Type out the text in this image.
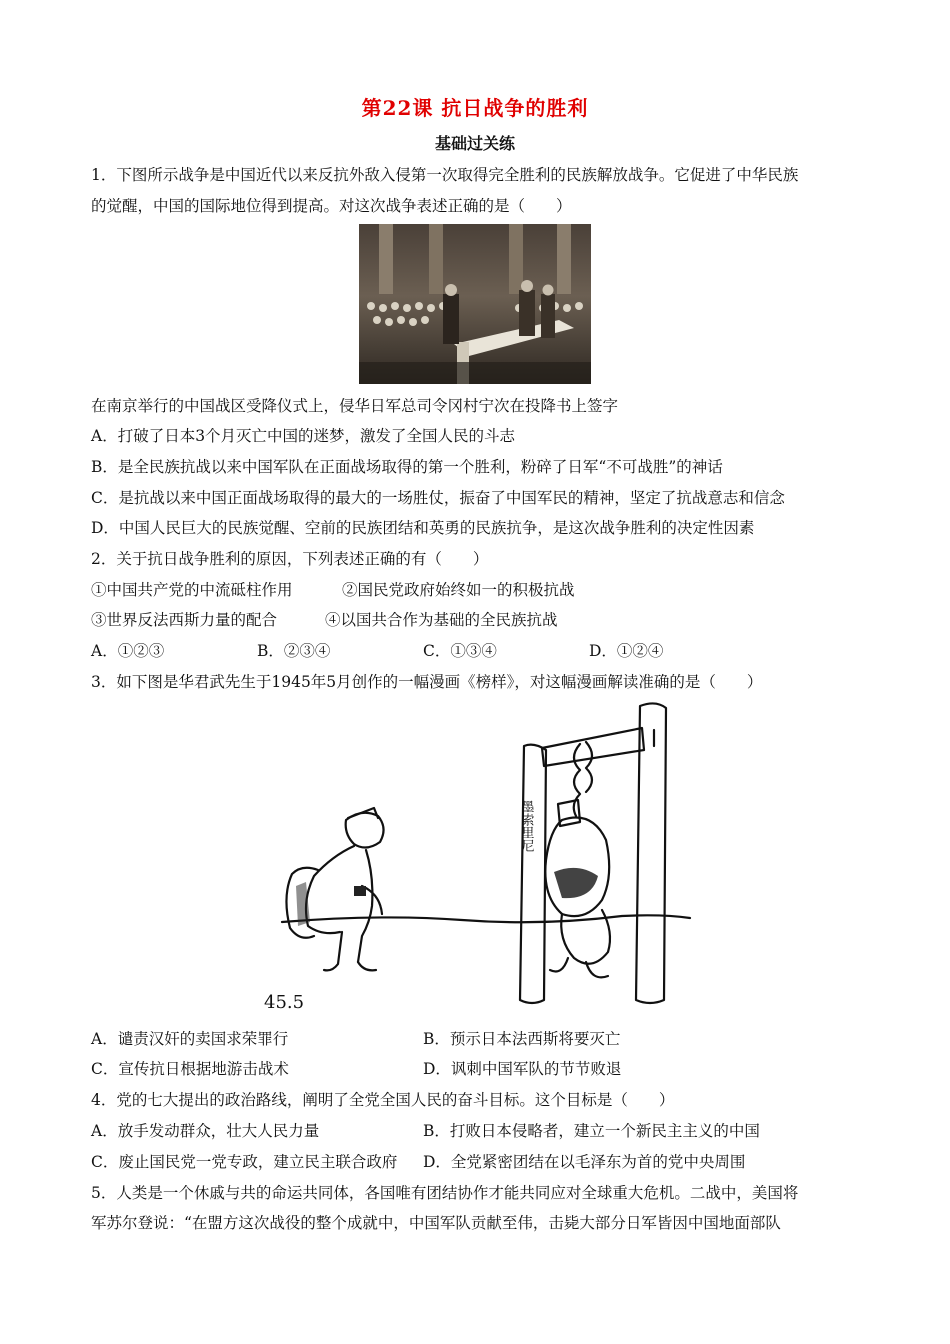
第22课 抗日战争的胜利
基础过关练
1．下图所示战争是中国近代以来反抗外敌入侵第一次取得完全胜利的民族解放战争。它促进了中华民族
的觉醒，中国的国际地位得到提高。对这次战争表述正确的是（　　）
在南京举行的中国战区受降仪式上，侵华日军总司令冈村宁次在投降书上签字
A．打破了日本3个月灭亡中国的迷梦，激发了全国人民的斗志
B．是全民族抗战以来中国军队在正面战场取得的第一个胜利，粉碎了日军“不可战胜”的神话
C．是抗战以来中国正面战场取得的最大的一场胜仗，振奋了中国军民的精神，坚定了抗战意志和信念
D．中国人民巨大的民族觉醒、空前的民族团结和英勇的民族抗争，是这次战争胜利的决定性因素
2．关于抗日战争胜利的原因，下列表述正确的有（　　）
①中国共产党的中流砥柱作用	②国民党政府始终如一的积极抗战
③世界反法西斯力量的配合	④以国共合作为基础的全民族抗战
A．①②③	B．②③④	C．①③④	D．①②④
3．如下图是华君武先生于1945年5月创作的一幅漫画《榜样》，对这幅漫画解读准确的是（　　）
墨索里尼
45.5
A．谴责汉奸的卖国求荣罪行	B．预示日本法西斯将要灭亡
C．宣传抗日根据地游击战术	D．讽刺中国军队的节节败退
4．党的七大提出的政治路线，阐明了全党全国人民的奋斗目标。这个目标是（　　）
A．放手发动群众，壮大人民力量	B．打败日本侵略者，建立一个新民主主义的中国
C．废止国民党一党专政，建立民主联合政府 D．全党紧密团结在以毛泽东为首的党中央周围
5．人类是一个休戚与共的命运共同体，各国唯有团结协作才能共同应对全球重大危机。二战中，美国将
军苏尔登说：“在盟方这次战役的整个成就中，中国军队贡献至伟，击毙大部分日军皆因中国地面部队
